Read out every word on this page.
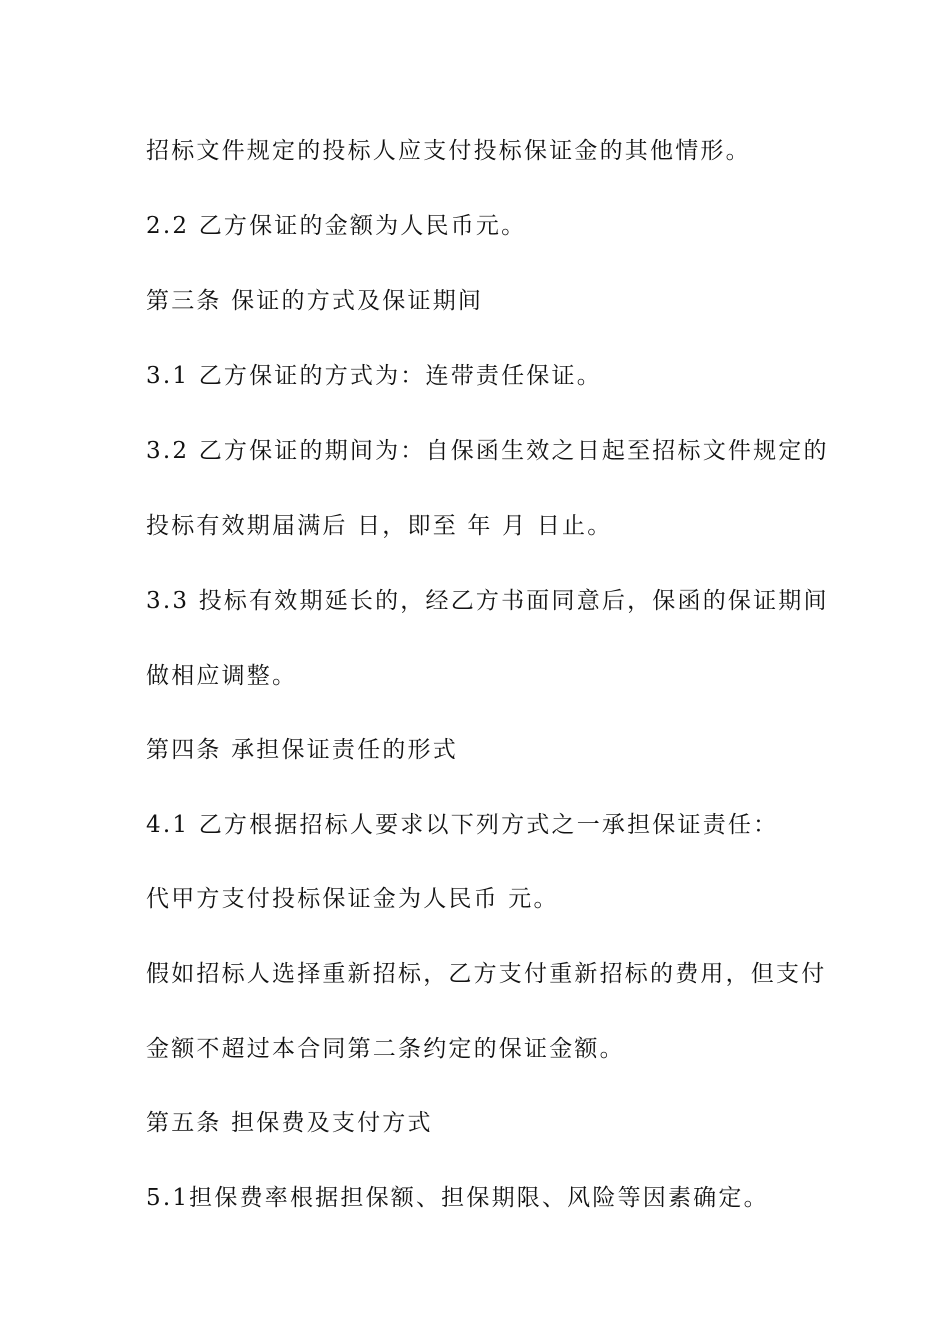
招标文件规定的投标人应支付投标保证金的其他情形。
2.2 乙方保证的金额为人民币元。
第三条 保证的方式及保证期间
3.1 乙方保证的方式为：连带责任保证。
3.2 乙方保证的期间为：自保函生效之日起至招标文件规定的
投标有效期届满后 日，即至 年 月 日止。
3.3 投标有效期延长的，经乙方书面同意后，保函的保证期间
做相应调整。
第四条 承担保证责任的形式
4.1 乙方根据招标人要求以下列方式之一承担保证责任：
代甲方支付投标保证金为人民币 元。
假如招标人选择重新招标，乙方支付重新招标的费用，但支付
金额不超过本合同第二条约定的保证金额。
第五条 担保费及支付方式
5.1担保费率根据担保额、担保期限、风险等因素确定。
